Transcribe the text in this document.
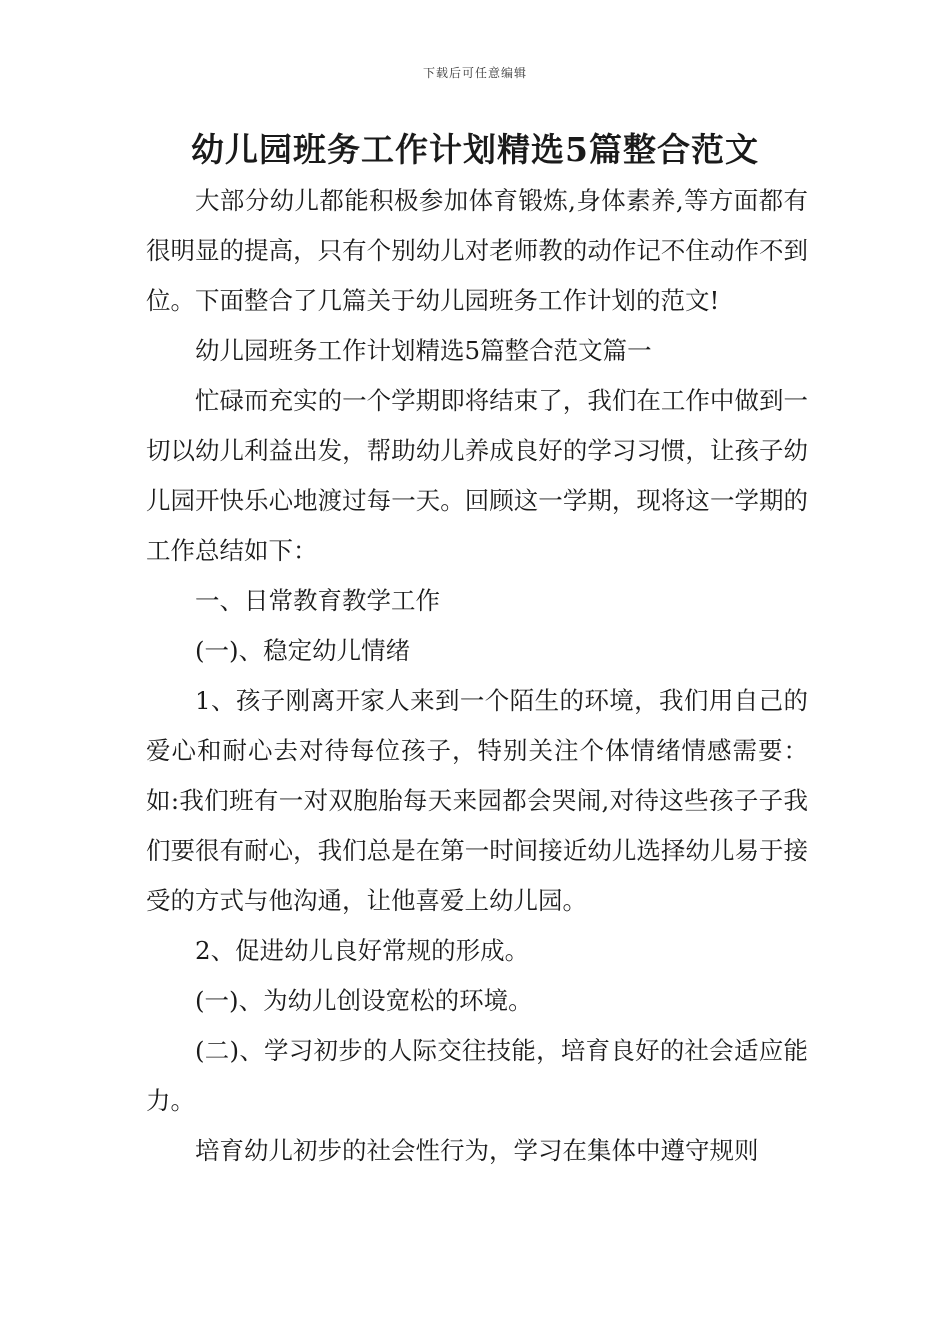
下载后可任意编辑
幼儿园班务工作计划精选5篇整合范文

大部分幼儿都能积极参加体育锻炼,身体素养,等方面都有很明显的提高，只有个别幼儿对老师教的动作记不住动作不到位。下面整合了几篇关于幼儿园班务工作计划的范文!

幼儿园班务工作计划精选5篇整合范文篇一

忙碌而充实的一个学期即将结束了，我们在工作中做到一切以幼儿利益出发，帮助幼儿养成良好的学习习惯，让孩子幼儿园开快乐心地渡过每一天。回顾这一学期，现将这一学期的工作总结如下：

一、日常教育教学工作

(一)、稳定幼儿情绪

1、孩子刚离开家人来到一个陌生的环境，我们用自己的爱心和耐心去对待每位孩子，特别关注个体情绪情感需要：如:我们班有一对双胞胎每天来园都会哭闹,对待这些孩子子我们要很有耐心，我们总是在第一时间接近幼儿选择幼儿易于接受的方式与他沟通，让他喜爱上幼儿园。

2、促进幼儿良好常规的形成。

(一)、为幼儿创设宽松的环境。

(二)、学习初步的人际交往技能，培育良好的社会适应能力。

培育幼儿初步的社会性行为，学习在集体中遵守规则
